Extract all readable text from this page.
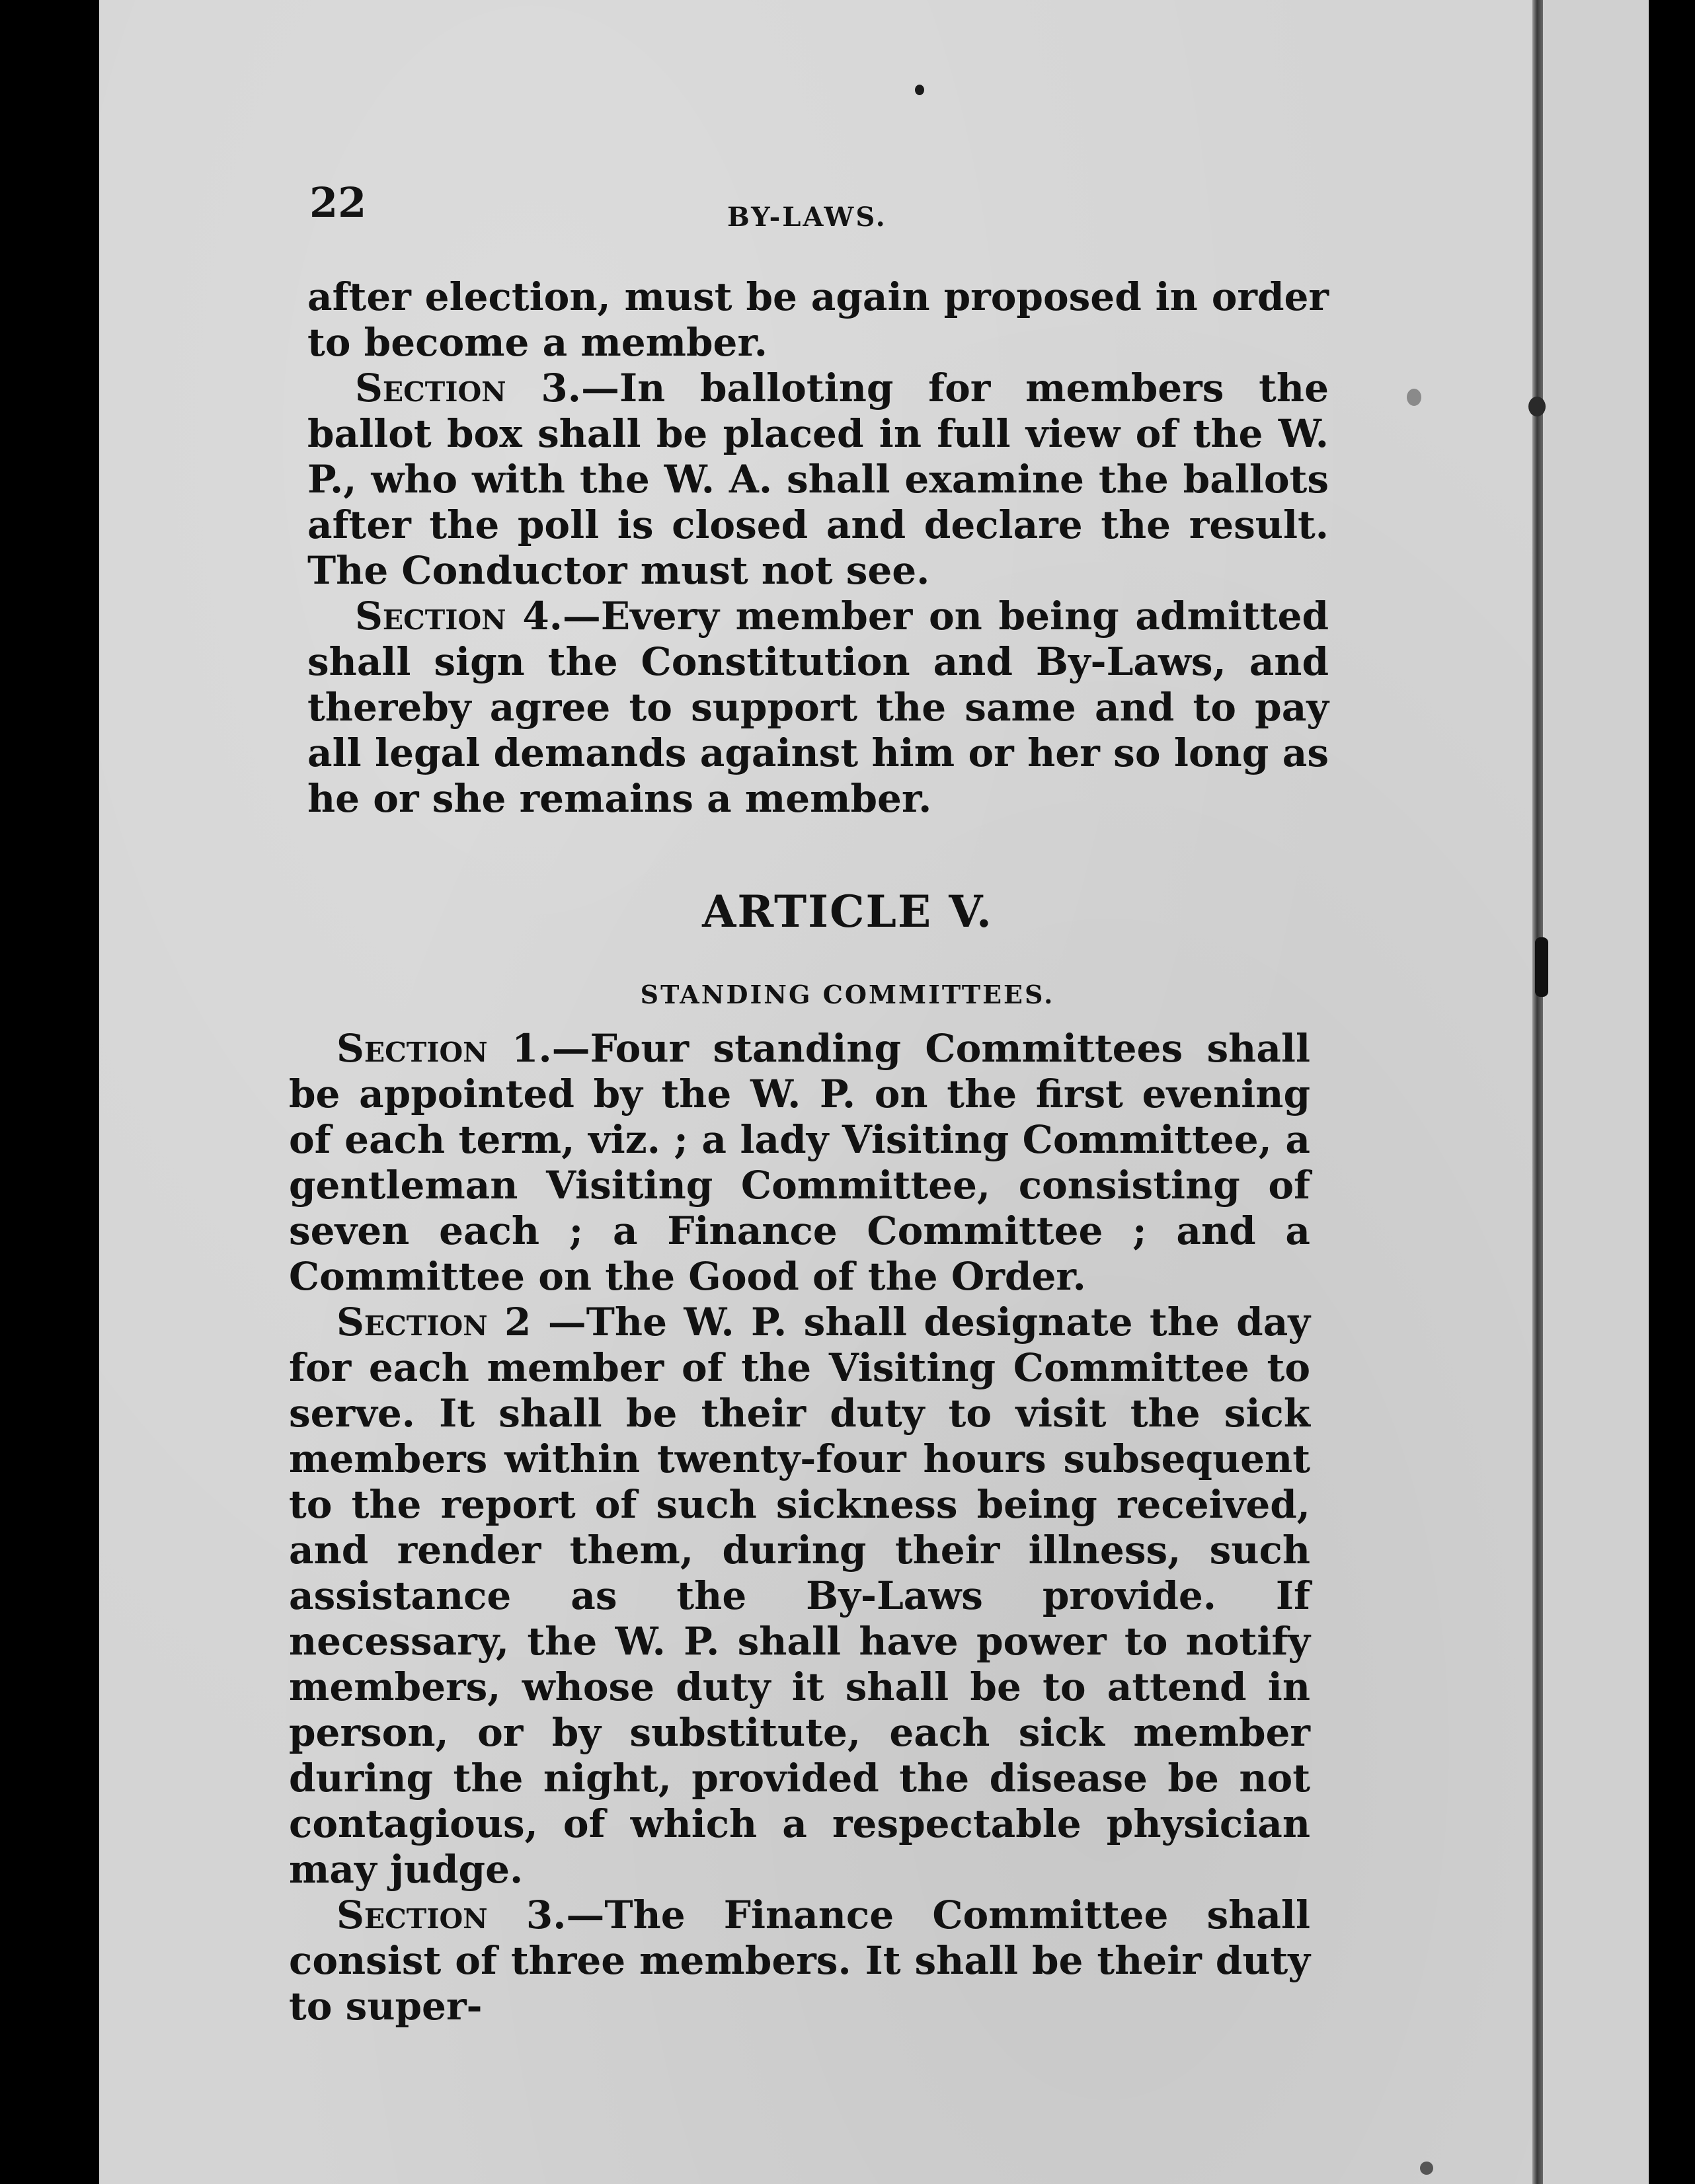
22	BY-LAWS.

after election, must be again proposed in order to become a member.

Section 3.—In balloting for members the ballot box shall be placed in full view of the W. P., who with the W. A. shall examine the ballots after the poll is closed and declare the result. The Conductor must not see.

Section 4.—Every member on being admitted shall sign the Constitution and By-Laws, and thereby agree to support the same and to pay all legal demands against him or her so long as he or she remains a member.

ARTICLE V.
STANDING COMMITTEES.

Section 1.—Four standing Committees shall be appointed by the W. P. on the first evening of each term, viz. ; a lady Visiting Committee, a gentleman Visiting Committee, consisting of seven each ; a Finance Committee ; and a Committee on the Good of the Order.

Section 2 —The W. P. shall designate the day for each member of the Visiting Committee to serve. It shall be their duty to visit the sick members within twenty-four hours subsequent to the report of such sickness being received, and render them, during their illness, such assistance as the By-Laws provide. If necessary, the W. P. shall have power to notify members, whose duty it shall be to attend in person, or by substitute, each sick member during the night, provided the disease be not contagious, of which a respectable physician may judge.

Section 3.—The Finance Committee shall consist of three members. It shall be their duty to super-
